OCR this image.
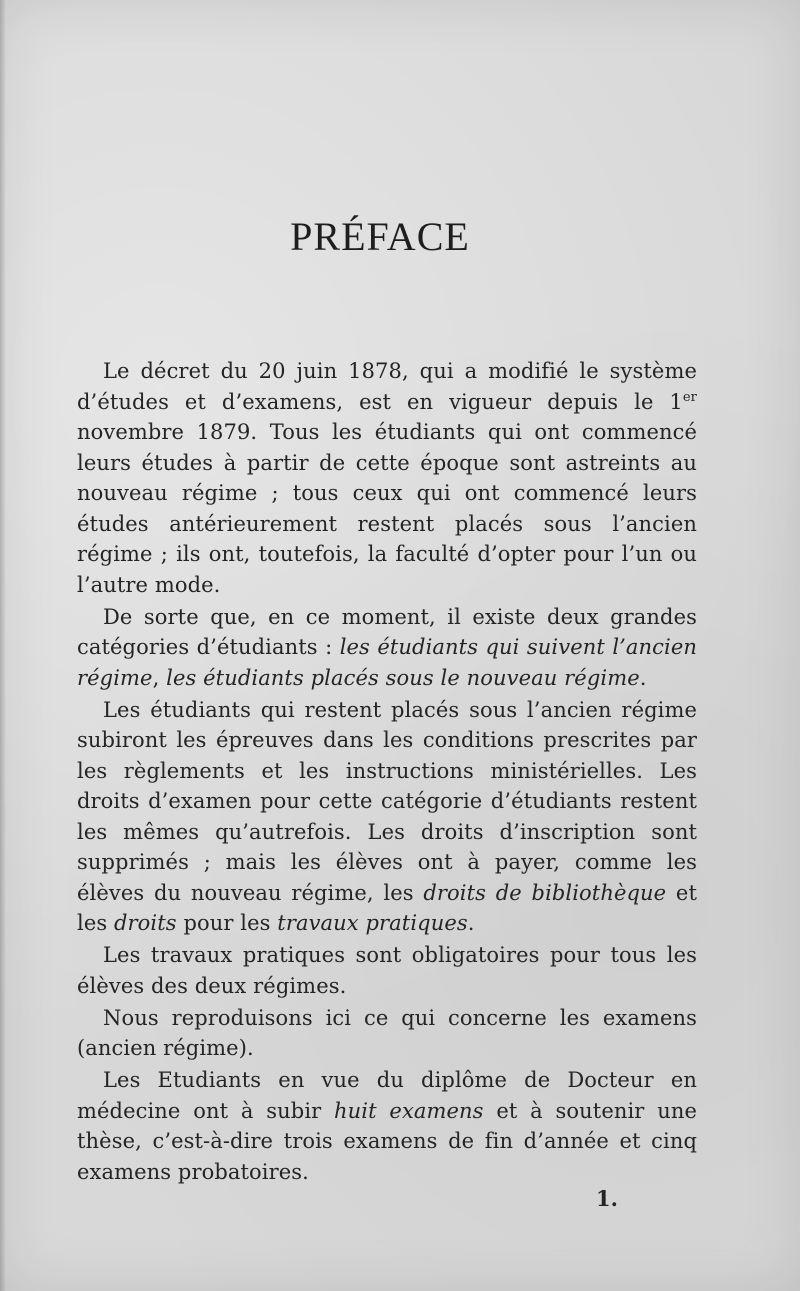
PRÉFACE

Le décret du 20 juin 1878, qui a modifié le système d’études et d’examens, est en vigueur depuis le 1er novembre 1879. Tous les étudiants qui ont commencé leurs études à partir de cette époque sont astreints au nouveau régime ; tous ceux qui ont commencé leurs études antérieurement restent placés sous l’ancien régime ; ils ont, toutefois, la faculté d’opter pour l’un ou l’autre mode.

De sorte que, en ce moment, il existe deux grandes catégories d’étudiants : les étudiants qui suivent l’ancien régime, les étudiants placés sous le nouveau régime.

Les étudiants qui restent placés sous l’ancien régime subiront les épreuves dans les conditions prescrites par les règlements et les instructions ministérielles. Les droits d’examen pour cette catégorie d’étudiants restent les mêmes qu’autrefois. Les droits d’inscription sont supprimés ; mais les élèves ont à payer, comme les élèves du nouveau régime, les droits de bibliothèque et les droits pour les travaux pratiques.

Les travaux pratiques sont obligatoires pour tous les élèves des deux régimes.

Nous reproduisons ici ce qui concerne les examens (ancien régime).

Les Etudiants en vue du diplôme de Docteur en médecine ont à subir huit examens et à soutenir une thèse, c’est-à-dire trois examens de fin d’année et cinq examens probatoires.

1.
